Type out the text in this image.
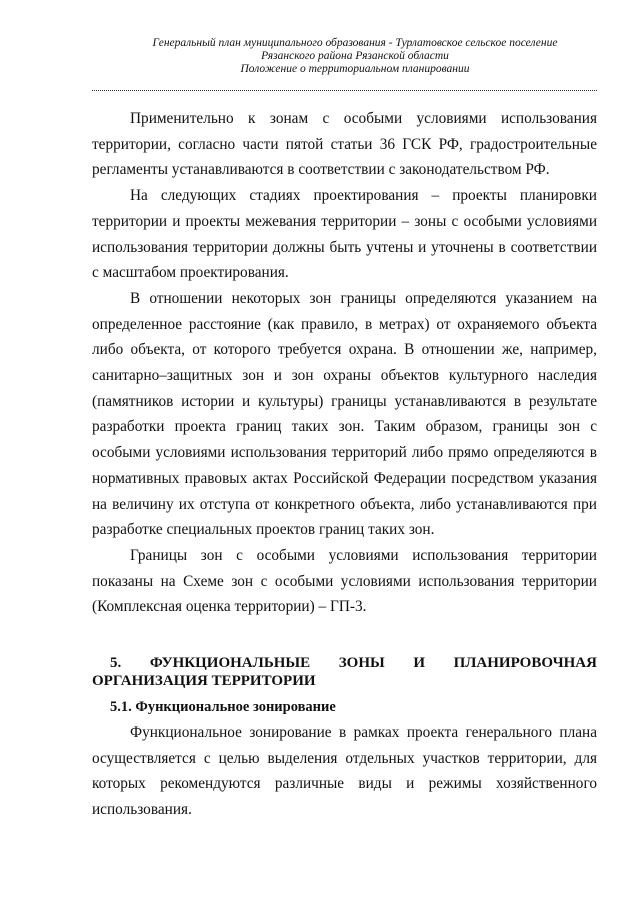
Генеральный план муниципального образования - Турлатовское сельское поселение
Рязанского района Рязанской области
Положение о территориальном планировании

Применительно к зонам с особыми условиями использования территории, согласно части пятой статьи 36 ГСК РФ, градостроительные регламенты устанавливаются в соответствии с законодательством РФ.

На следующих стадиях проектирования – проекты планировки территории и проекты межевания территории – зоны с особыми условиями использования территории должны быть учтены и уточнены в соответствии с масштабом проектирования.

В отношении некоторых зон границы определяются указанием на определенное расстояние (как правило, в метрах) от охраняемого объекта либо объекта, от которого требуется охрана. В отношении же, например, санитарно–защитных зон и зон охраны объектов культурного наследия (памятников истории и культуры) границы устанавливаются в результате разработки проекта границ таких зон. Таким образом, границы зон с особыми условиями использования территорий либо прямо определяются в нормативных правовых актах Российской Федерации посредством указания на величину их отступа от конкретного объекта, либо устанавливаются при разработке специальных проектов границ таких зон.

Границы зон с особыми условиями использования территории показаны на Схеме зон с особыми условиями использования территории (Комплексная оценка территории) – ГП-3.

5. ФУНКЦИОНАЛЬНЫЕ ЗОНЫ И ПЛАНИРОВОЧНАЯ
ОРГАНИЗАЦИЯ ТЕРРИТОРИИ
5.1. Функциональное зонирование

Функциональное зонирование в рамках проекта генерального плана осуществляется с целью выделения отдельных участков территории, для которых рекомендуются различные виды и режимы хозяйственного использования.
